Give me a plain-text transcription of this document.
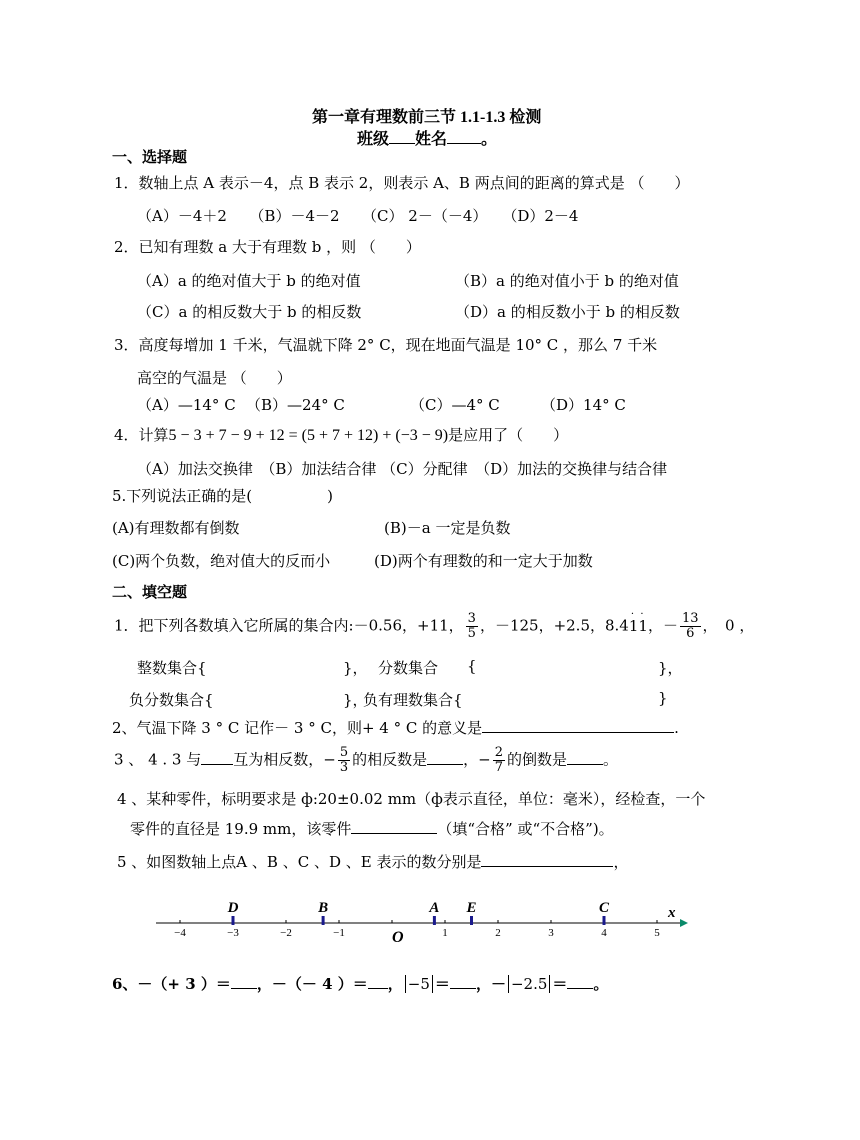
第一章有理数前三节 1.1-1.3 检测
班级 姓名 。
一、选择题
1．数轴上点 A 表示－4，点 B 表示 2，则表示 A、B 两点间的距离的算式是 （　　）
（A）－4＋2　　（B）－4－2　　（C） 2－（－4）　　（D）2－4
2．已知有理数 a 大于有理数 b ，则 （　　）
（A）a 的绝对值大于 b 的绝对值	（B）a 的绝对值小于 b 的绝对值
（C）a 的相反数大于 b 的相反数	（D）a 的相反数小于 b 的相反数
3．高度每增加 1 千米，气温就下降 2° C，现在地面气温是 10° C ，那么 7 千米
高空的气温是 （　　）
（A）—14° C （B）—24° C	（C）—4° C	（D）14° C
4．计算5 − 3 + 7 − 9 + 12 = (5 + 7 + 12) + (−3 − 9)是应用了（　　）
（A）加法交换律　（B）加法结合律 （C）分配律　（D）加法的交换律与结合律
5.下列说法正确的是(　　　　　)
(A)有理数都有倒数	(B)－a 一定是负数
(C)两个负数，绝对值大的反而小	(D)两个有理数的和一定大于加数
二、填空题
1．把下列各数填入它所属的集合内:－0.56，+11， $\frac{3}{5}$ ，－125，+2.5，8.41
·
1
·
，－ $\frac{13}{6}$ ，　0 ，
整数集合{	}， 分数集合 {	}，
负分数集合{	}，
负有理数集合{	}
2、气温下降 3 ° C 记作－ 3 ° C，则+ 4 ° C 的意义是	.
3 、 4 . 3 与 互为相反数，− $\frac{5}{3}$ 的相反数是 ，− $\frac{2}{7}$ 的倒数是 。
4 、某种零件，标明要求是 ф:20±0.02 mm（ф表示直径，单位：毫米），经检查，一个
零件的直径是 19.9 mm，该零件	（填“合格” 或“不合格”)。
5 、如图数轴上点A 、B 、C 、D 、E 表示的数分别是	，
−4	−3	−2	−1	1	2	3	4	5
D	B	A E	C
O
x
6、－（+ 3 ）＝ ，－（－ 4 ）＝ ， −5 ＝ ，－ −2.5 ＝ 。
